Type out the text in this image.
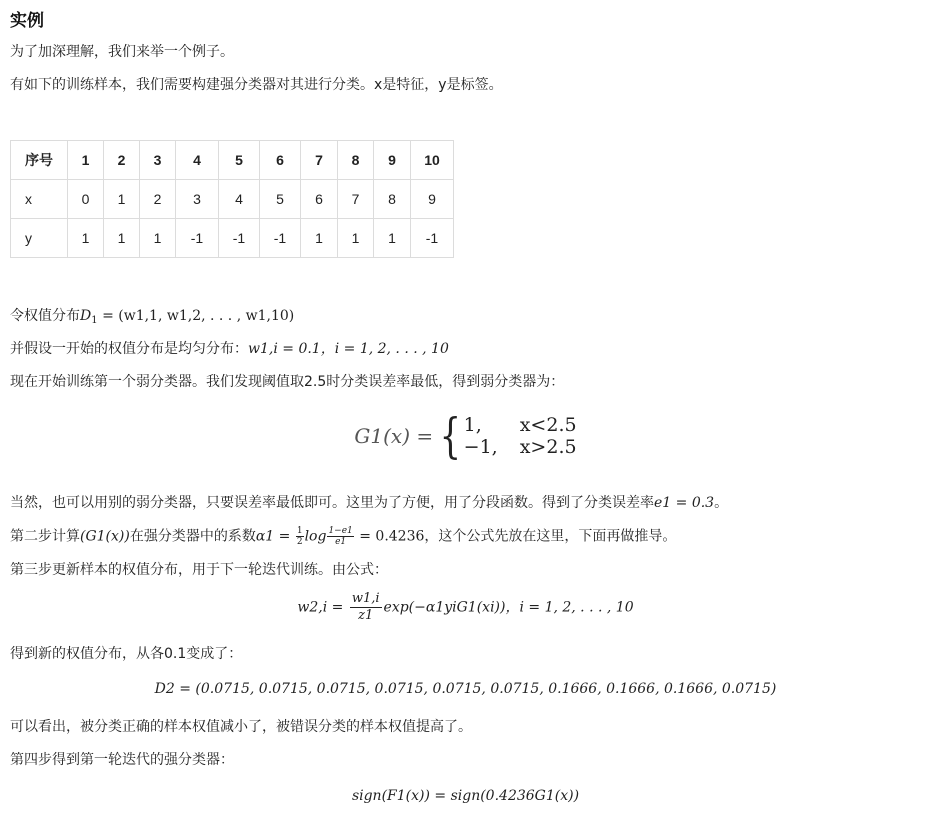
实例
为了加深理解，我们来举一个例子。
有如下的训练样本，我们需要构建强分类器对其进行分类。x是特征，y是标签。
序号	1	2	3	4	5	6	7	8	9	10
x	0	1	2	3	4	5	6	7	8	9
y	1	1	1	-1	-1	-1	1	1	1	-1
令权值分布$D_1 = (w1,1$, w1,2, . . . , w1,10)
并假设一开始的权值分布是均匀分布：w1,i = 0.1，i = 1, 2, . . . , 10
现在开始训练第一个弱分类器。我们发现阈值取2.5时分类误差率最低，得到弱分类器为：
G1(x) = { 1,	x<2.5
−1, x>2.5
当然，也可以用别的弱分类器，只要误差率最低即可。这里为了方便，用了分段函数。得到了分类误差率e1 = 0.3。
第二步计算(G1(x))在强分类器中的系数$\alpha 1 = \frac{1}{2}$ $\log \frac{1-e1}{e1} = 0.4236$，这个公式先放在这里，下面再做推导。
第三步更新样本的权值分布，用于下一轮迭代训练。由公式：
$w2,i = \frac{w1,i}{z1} \exp(-\alpha 1yiG1(xi))$，i = 1, 2, . . . , 10
得到新的权值分布，从各0.1变成了：
D2 = (0.0715, 0.0715, 0.0715, 0.0715, 0.0715, 0.0715, 0.1666, 0.1666, 0.1666, 0.0715)
可以看出，被分类正确的样本权值减小了，被错误分类的样本权值提高了。
第四步得到第一轮迭代的强分类器：
sign(F1(x)) = sign(0.4236G1(x))
